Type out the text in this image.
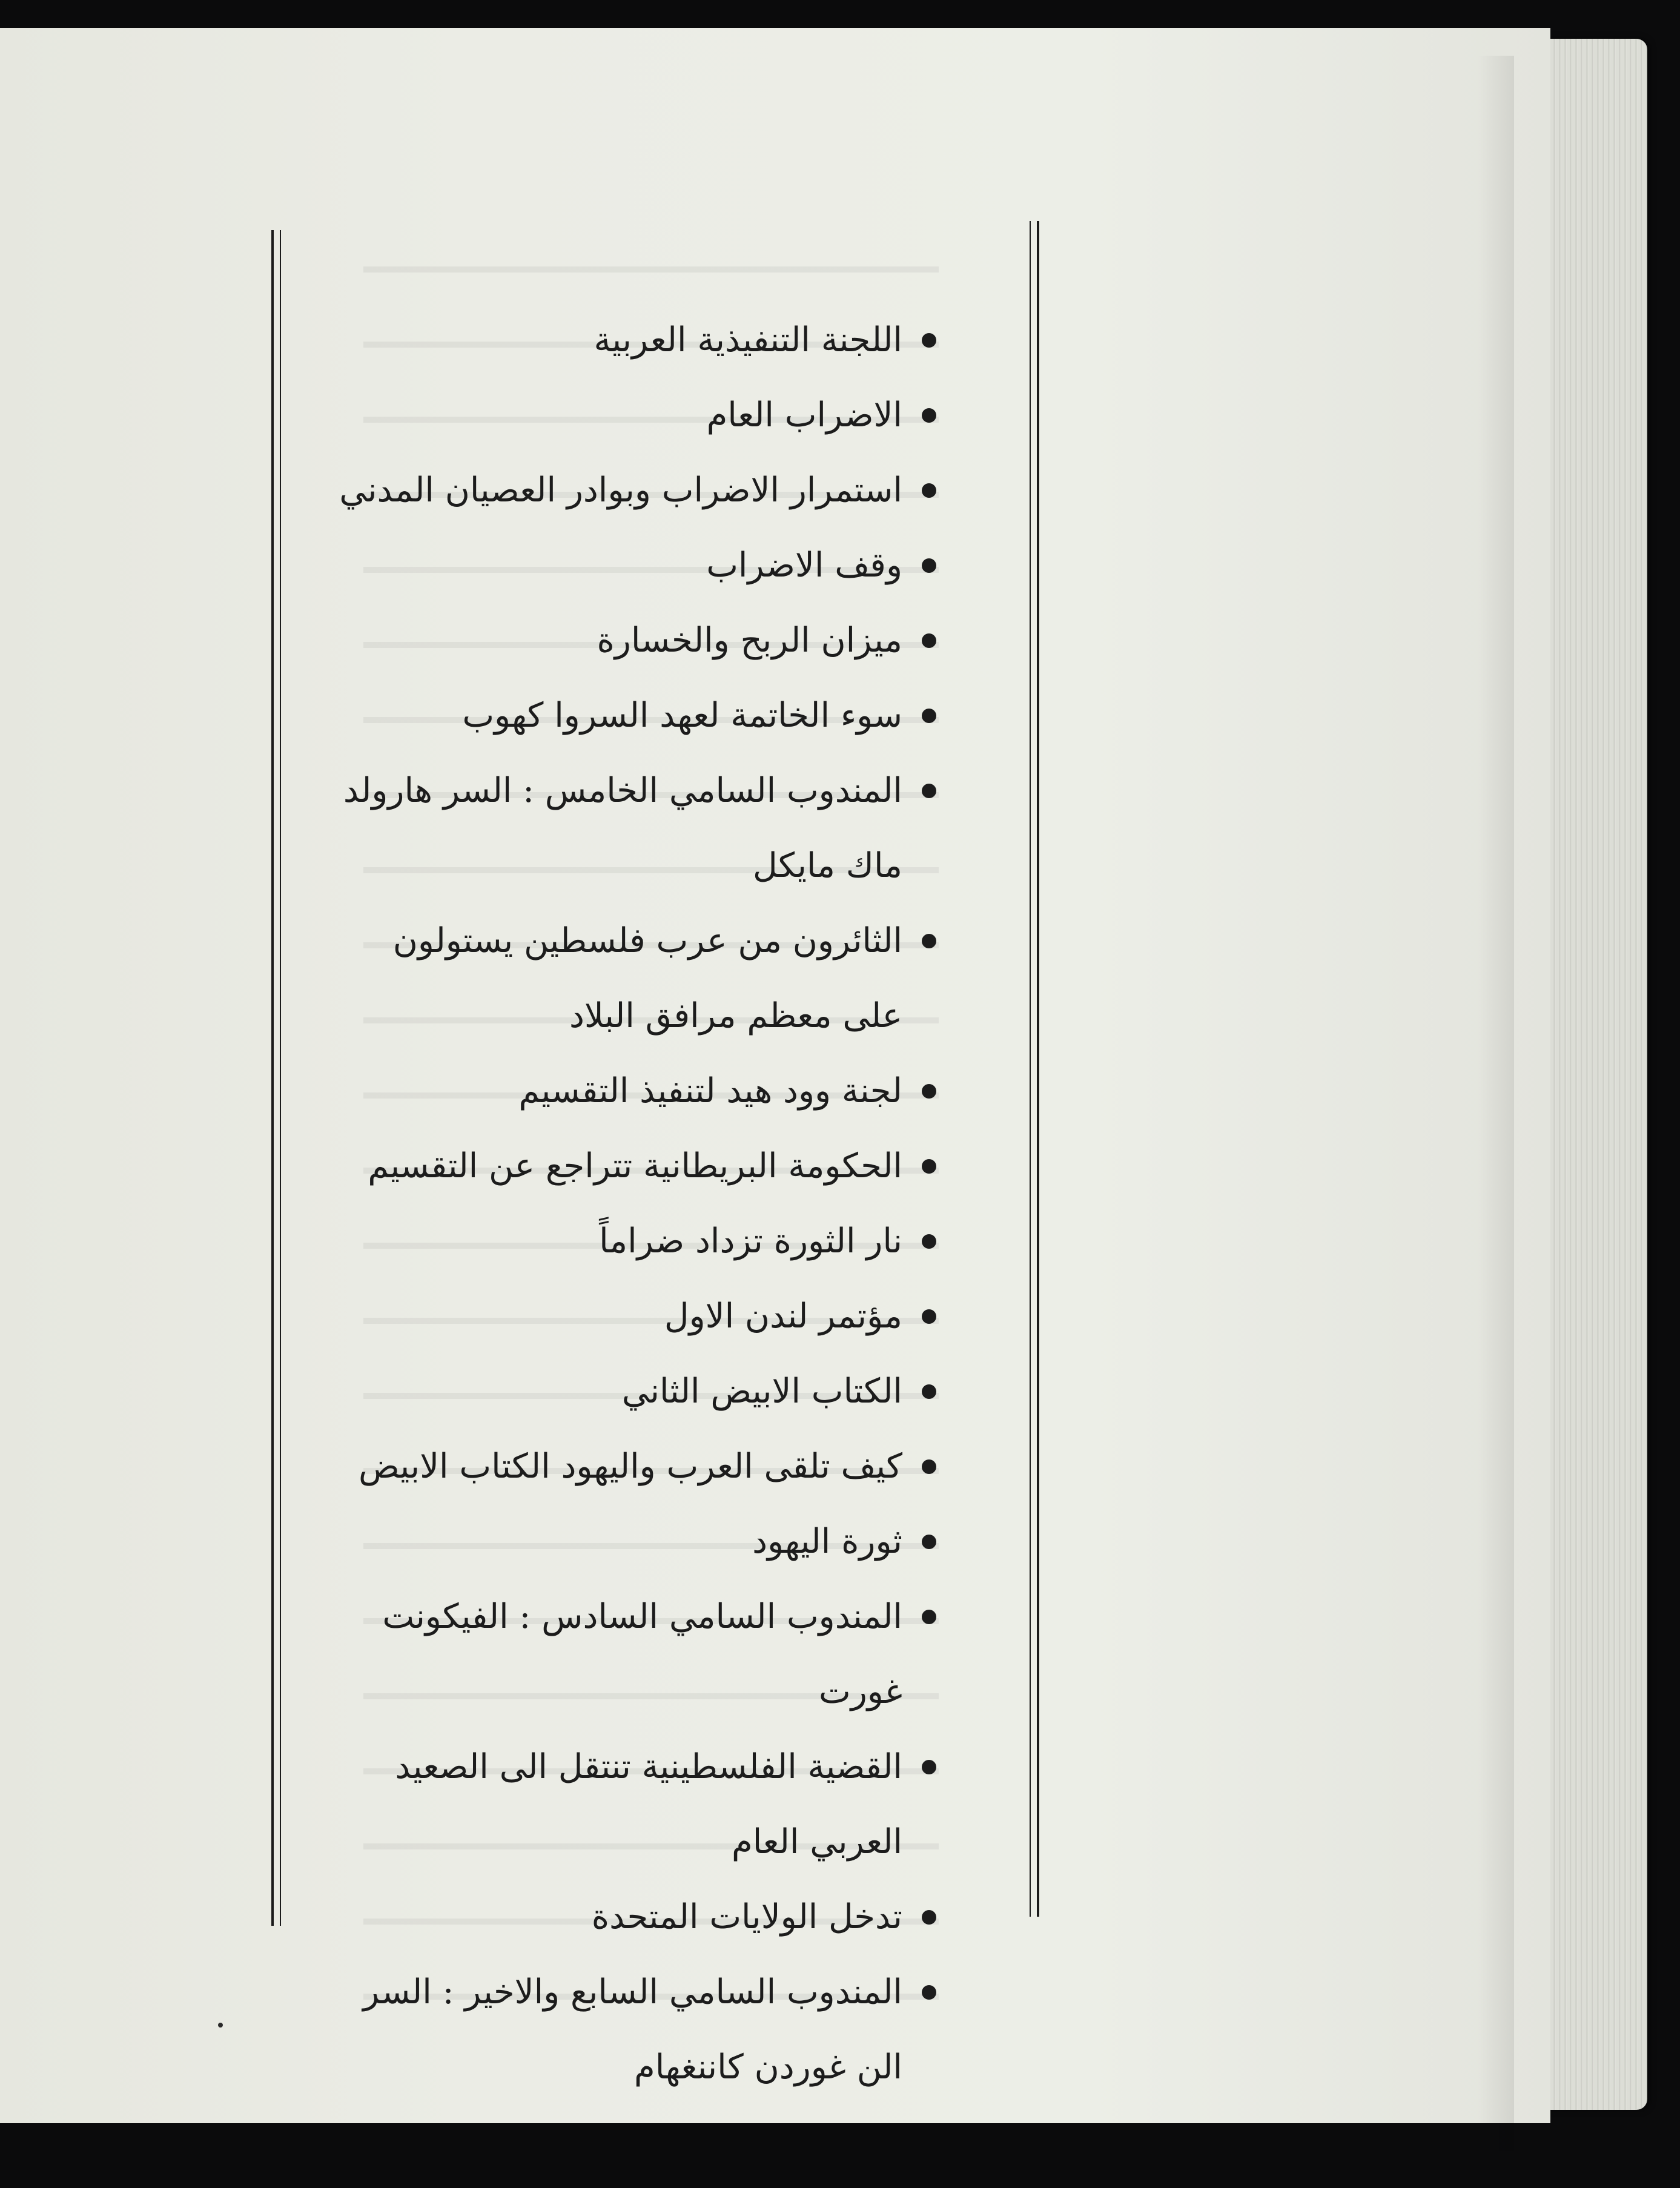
اللجنة التنفيذية العربية
الاضراب العام
استمرار الاضراب وبوادر العصيان المدني
وقف الاضراب
ميزان الربح والخسارة
سوء الخاتمة لعهد السروا كهوب
المندوب السامي الخامس : السر هارولد ماك مايكل
الثائرون من عرب فلسطين يستولون على معظم مرافق البلاد
لجنة وود هيد لتنفيذ التقسيم
الحكومة البريطانية تتراجع عن التقسيم
نار الثورة تزداد ضراماً
مؤتمر لندن الاول
الكتاب الابيض الثاني
كيف تلقى العرب واليهود الكتاب الابيض
ثورة اليهود
المندوب السامي السادس : الفيكونت غورت
القضية الفلسطينية تنتقل الى الصعيد العربي العام
تدخل الولايات المتحدة
المندوب السامي السابع والاخير : السر الن غوردن كاننغهام
